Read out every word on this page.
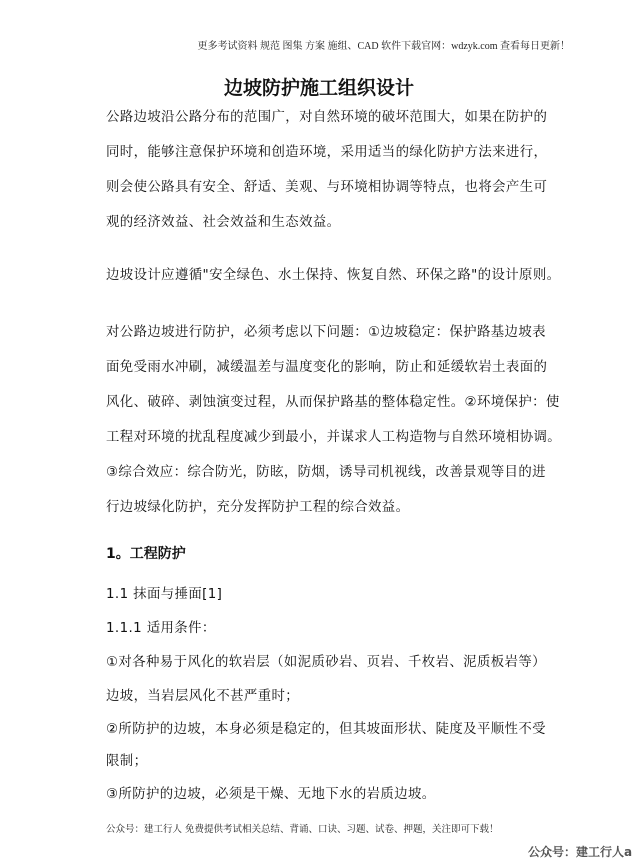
更多考试资料 规范 图集 方案 施组、CAD 软件下载官网：wdzyk.com 查看每日更新！
边坡防护施工组织设计
公路边坡沿公路分布的范围广，对自然环境的破坏范围大，如果在防护的
同时，能够注意保护环境和创造环境，采用适当的绿化防护方法来进行，
则会使公路具有安全、舒适、美观、与环境相协调等特点，也将会产生可
观的经济效益、社会效益和生态效益。
边坡设计应遵循"安全绿色、水土保持、恢复自然、环保之路"的设计原则。
对公路边坡进行防护，必须考虑以下问题：①边坡稳定：保护路基边坡表
面免受雨水冲刷，减缓温差与温度变化的影响，防止和延缓软岩土表面的
风化、破碎、剥蚀演变过程，从而保护路基的整体稳定性。②环境保护：使
工程对环境的扰乱程度减少到最小，并谋求人工构造物与自然环境相协调。
③综合效应：综合防光，防眩，防烟，诱导司机视线，改善景观等目的进
行边坡绿化防护，充分发挥防护工程的综合效益。
1。工程防护
1.1 抹面与捶面[1]
1.1.1 适用条件：
①对各种易于风化的软岩层（如泥质砂岩、页岩、千枚岩、泥质板岩等）
边坡，当岩层风化不甚严重时；
②所防护的边坡，本身必须是稳定的，但其坡面形状、陡度及平顺性不受
限制；
③所防护的边坡，必须是干燥、无地下水的岩质边坡。
公众号：建工行人 免费提供考试相关总结、背诵、口诀、习题、试卷、押题，关注即可下载！
公众号：建工行人a
